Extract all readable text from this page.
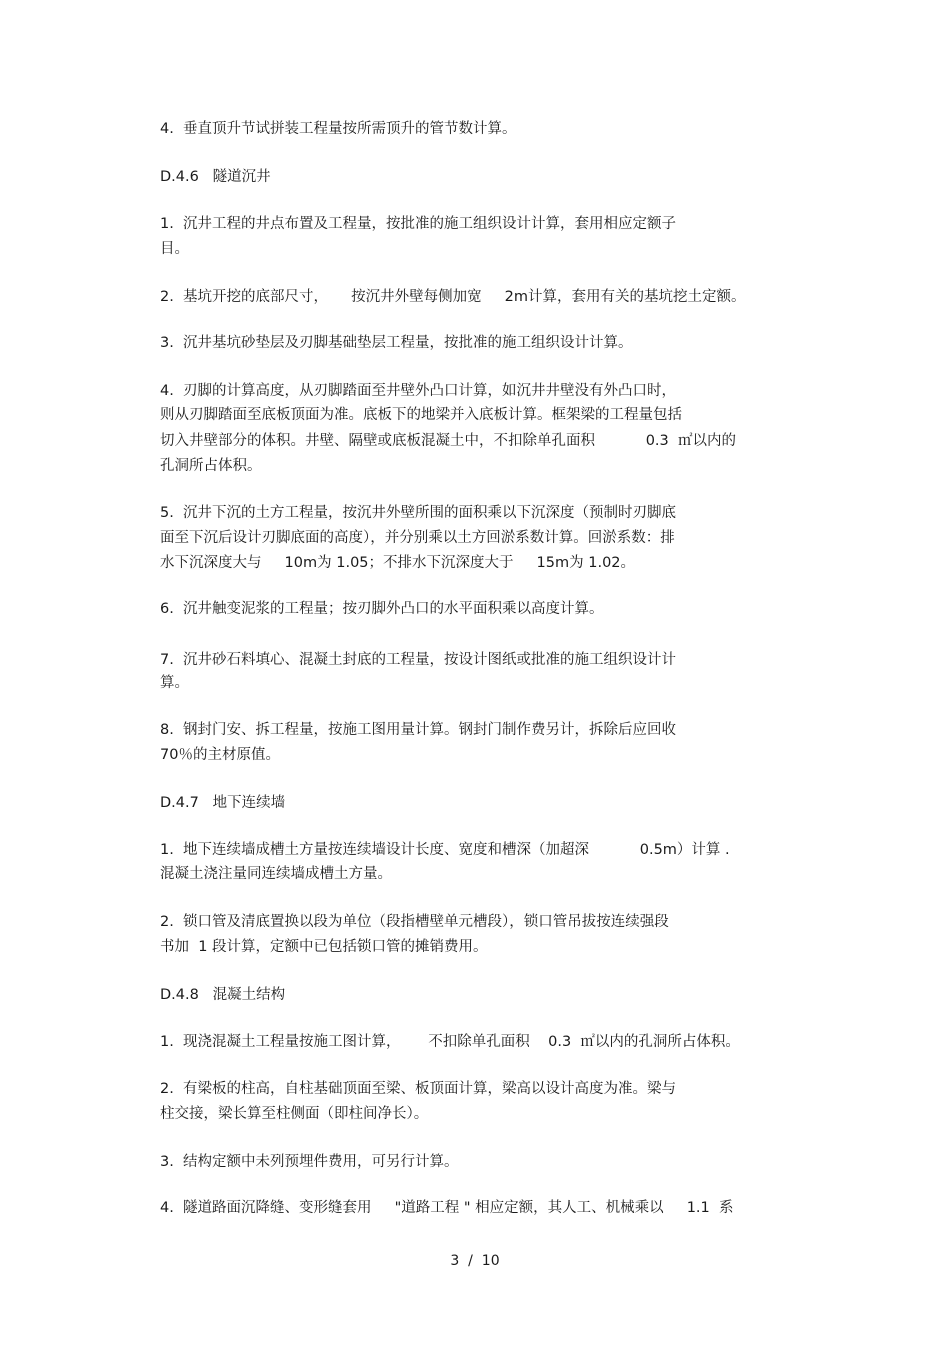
4.  垂直顶升节试拼装工程量按所需顶升的管节数计算。
D.4.6   隧道沉井
1.  沉井工程的井点布置及工程量，按批准的施工组织设计计算，套用相应定额子
目。
2.  基坑开挖的底部尺寸，     按沉井外壁每侧加宽     2m计算，套用有关的基坑挖土定额。
3.  沉井基坑砂垫层及刃脚基础垫层工程量，按批准的施工组织设计计算。
4.  刃脚的计算高度，从刃脚踏面至井壁外凸口计算，如沉井井壁没有外凸口时，
则从刃脚踏面至底板顶面为准。底板下的地梁并入底板计算。框架梁的工程量包括
切入井壁部分的体积。井壁、隔壁或底板混凝土中，不扣除单孔面积           0.3  ㎡以内的
孔洞所占体积。
5.  沉井下沉的土方工程量，按沉井外壁所围的面积乘以下沉深度（预制时刃脚底
面至下沉后设计刃脚底面的高度），并分别乘以土方回淤系数计算。回淤系数：排
水下沉深度大与     10m为 1.05；不排水下沉深度大于     15m为 1.02。
6.  沉井触变泥浆的工程量；按刃脚外凸口的水平面积乘以高度计算。
7.  沉井砂石料填心、混凝土封底的工程量，按设计图纸或批准的施工组织设计计
算。
8.  钢封门安、拆工程量，按施工图用量计算。钢封门制作费另计，拆除后应回收
70％的主材原值。
D.4.7   地下连续墙
1.  地下连续墙成槽土方量按连续墙设计长度、宽度和槽深（加超深           0.5m）计算 .
混凝土浇注量同连续墙成槽土方量。
2.  锁口管及清底置换以段为单位（段指槽壁单元槽段），锁口管吊拔按连续强段
书加  1 段计算，定额中已包括锁口管的摊销费用。
D.4.8   混凝土结构
1.  现浇混凝土工程量按施工图计算，      不扣除单孔面积    0.3  ㎡以内的孔洞所占体积。
2.  有梁板的柱高，自柱基础顶面至梁、板顶面计算，梁高以设计高度为准。梁与
柱交接，梁长算至柱侧面（即柱间净长）。
3.  结构定额中未列预埋件费用，可另行计算。
4.  隧道路面沉降缝、变形缝套用     "道路工程 " 相应定额，其人工、机械乘以     1.1  系
3  /  10
